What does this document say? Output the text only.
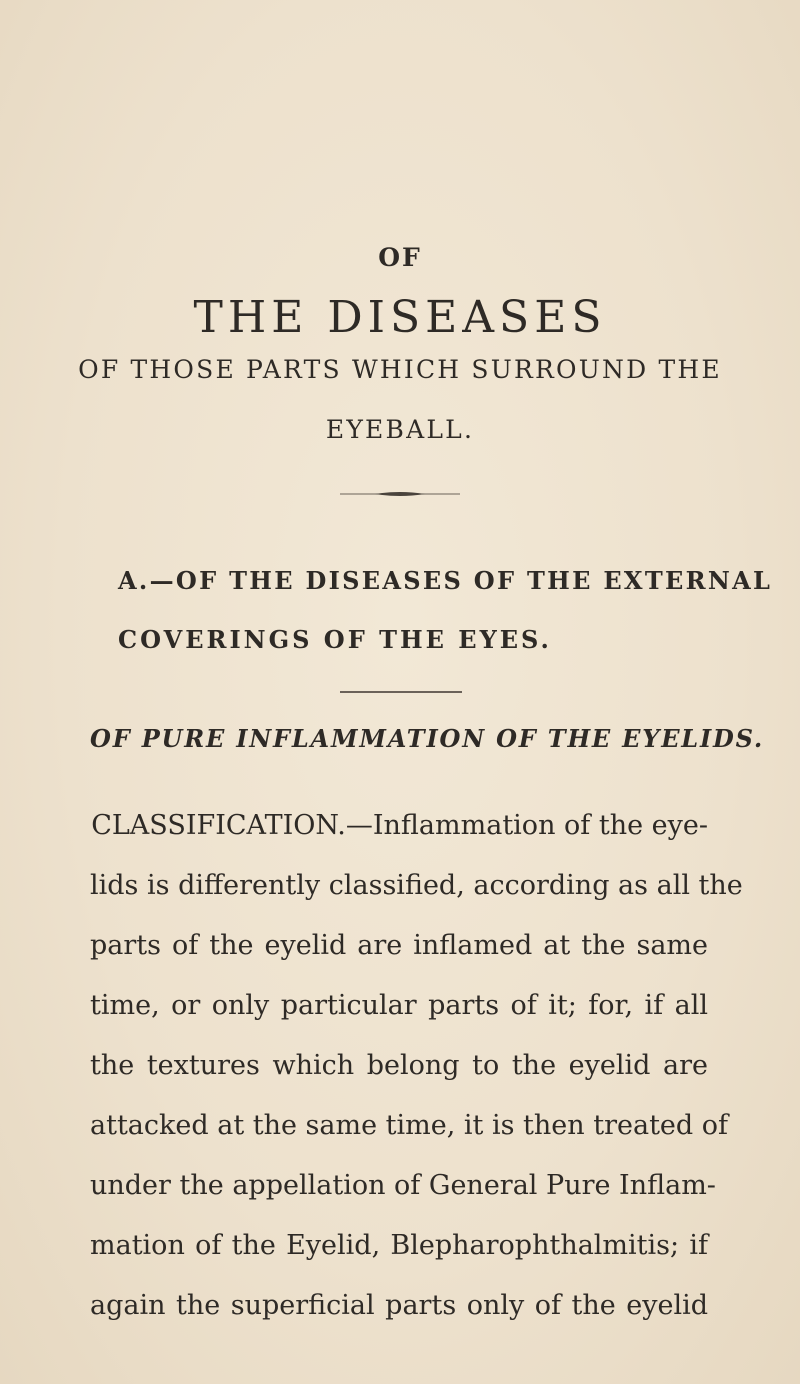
OF
THE DISEASES
OF THOSE PARTS WHICH SURROUND THE
EYEBALL.
A.—OF THE DISEASES OF THE EXTERNAL
COVERINGS OF THE EYES.
OF PURE INFLAMMATION OF THE EYELIDS.
CLASSIFICATION.—Inflammation of the eye-
lids is differently classified, according as all the
parts of the eyelid are inflamed at the same
time, or only particular parts of it; for, if all
the textures which belong to the eyelid are
attacked at the same time, it is then treated of
under the appellation of General Pure Inflam-
mation of the Eyelid, Blepharophthalmitis; if
again the superficial parts only of the eyelid
